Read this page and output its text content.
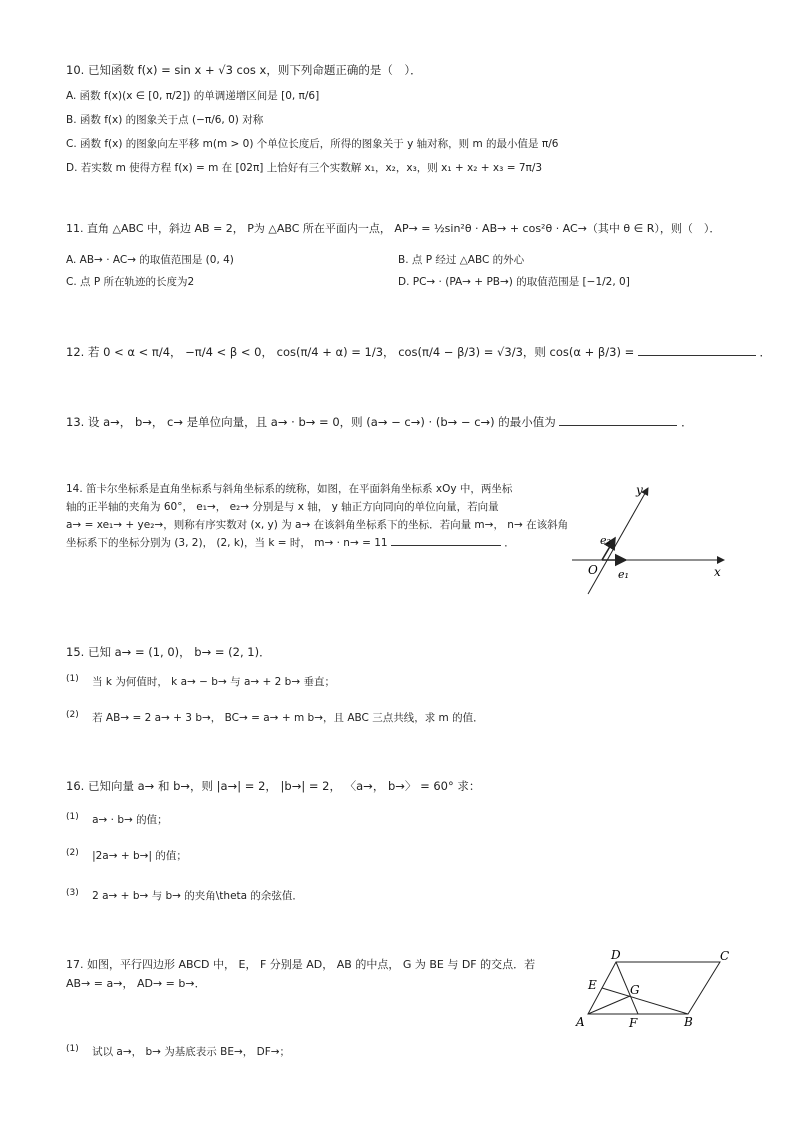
10. 已知函数 f(x) = sin x + √3 cos x，则下列命题正确的是（　）．
A. 函数 f(x)(x ∈ [0, π/2]) 的单调递增区间是 [0, π/6]
B. 函数 f(x) 的图象关于点 (−π/6, 0) 对称
C. 函数 f(x) 的图象向左平移 m(m > 0) 个单位长度后，所得的图象关于 y 轴对称，则 m 的最小值是 π/6
D. 若实数 m 使得方程 f(x) = m 在 [02π] 上恰好有三个实数解 x₁，x₂，x₃，则 x₁ + x₂ + x₃ = 7π/3
11. 直角 △ABC 中，斜边 AB = 2， P为 △ABC 所在平面内一点， AP→ = ½sin²θ · AB→ + cos²θ · AC→（其中 θ ∈ R），则（　）．
A. AB→ · AC→ 的取值范围是 (0, 4)	B. 点 P 经过 △ABC 的外心
C. 点 P 所在轨迹的长度为2	D. PC→ · (PA→ + PB→) 的取值范围是 [−1/2, 0]
12. 若 0 < α < π/4， −π/4 < β < 0， cos(π/4 + α) = 1/3， cos(π/4 − β/3) = √3/3，则 cos(α + β/3) =	．
13. 设 a→， b→， c→ 是单位向量，且 a→ · b→ = 0，则 (a→ − c→) · (b→ − c→) 的最小值为	．
14. 笛卡尔坐标系是直角坐标系与斜角坐标系的统称，如图，在平面斜角坐标系 xOy 中，两坐标
轴的正半轴的夹角为 60°， e₁→， e₂→ 分别是与 x 轴， y 轴正方向同向的单位向量，若向量
a→ = xe₁→ + ye₂→，则称有序实数对 (x, y) 为 a→ 在该斜角坐标系下的坐标．若向量 m→， n→ 在该斜角
坐标系下的坐标分别为 (3, 2)， (2, k)，当 k = 时， m→ · n→ = 11	．
y
x
O
e₂
e₁
15. 已知 a→ = (1, 0)， b→ = (2, 1)．
(1) 当 k 为何值时， k a→ − b→ 与 a→ + 2 b→ 垂直；
(2) 若 AB→ = 2 a→ + 3 b→， BC→ = a→ + m b→，且 ABC 三点共线，求 m 的值．
16. 已知向量 a→ 和 b→，则 |a→| = 2， |b→| = 2， 〈a→， b→〉 = 60° 求：
(1) a→ · b→ 的值；
(2) |2a→ + b→| 的值；
(3) 2 a→ + b→ 与 b→ 的夹角\theta 的余弦值．
17. 如图，平行四边形 ABCD 中， E， F 分别是 AD， AB 的中点， G 为 BE 与 DF 的交点．若
AB→ = a→， AD→ = b→．
D	C
E	G
A	F	B
(1) 试以 a→， b→ 为基底表示 BE→， DF→；
